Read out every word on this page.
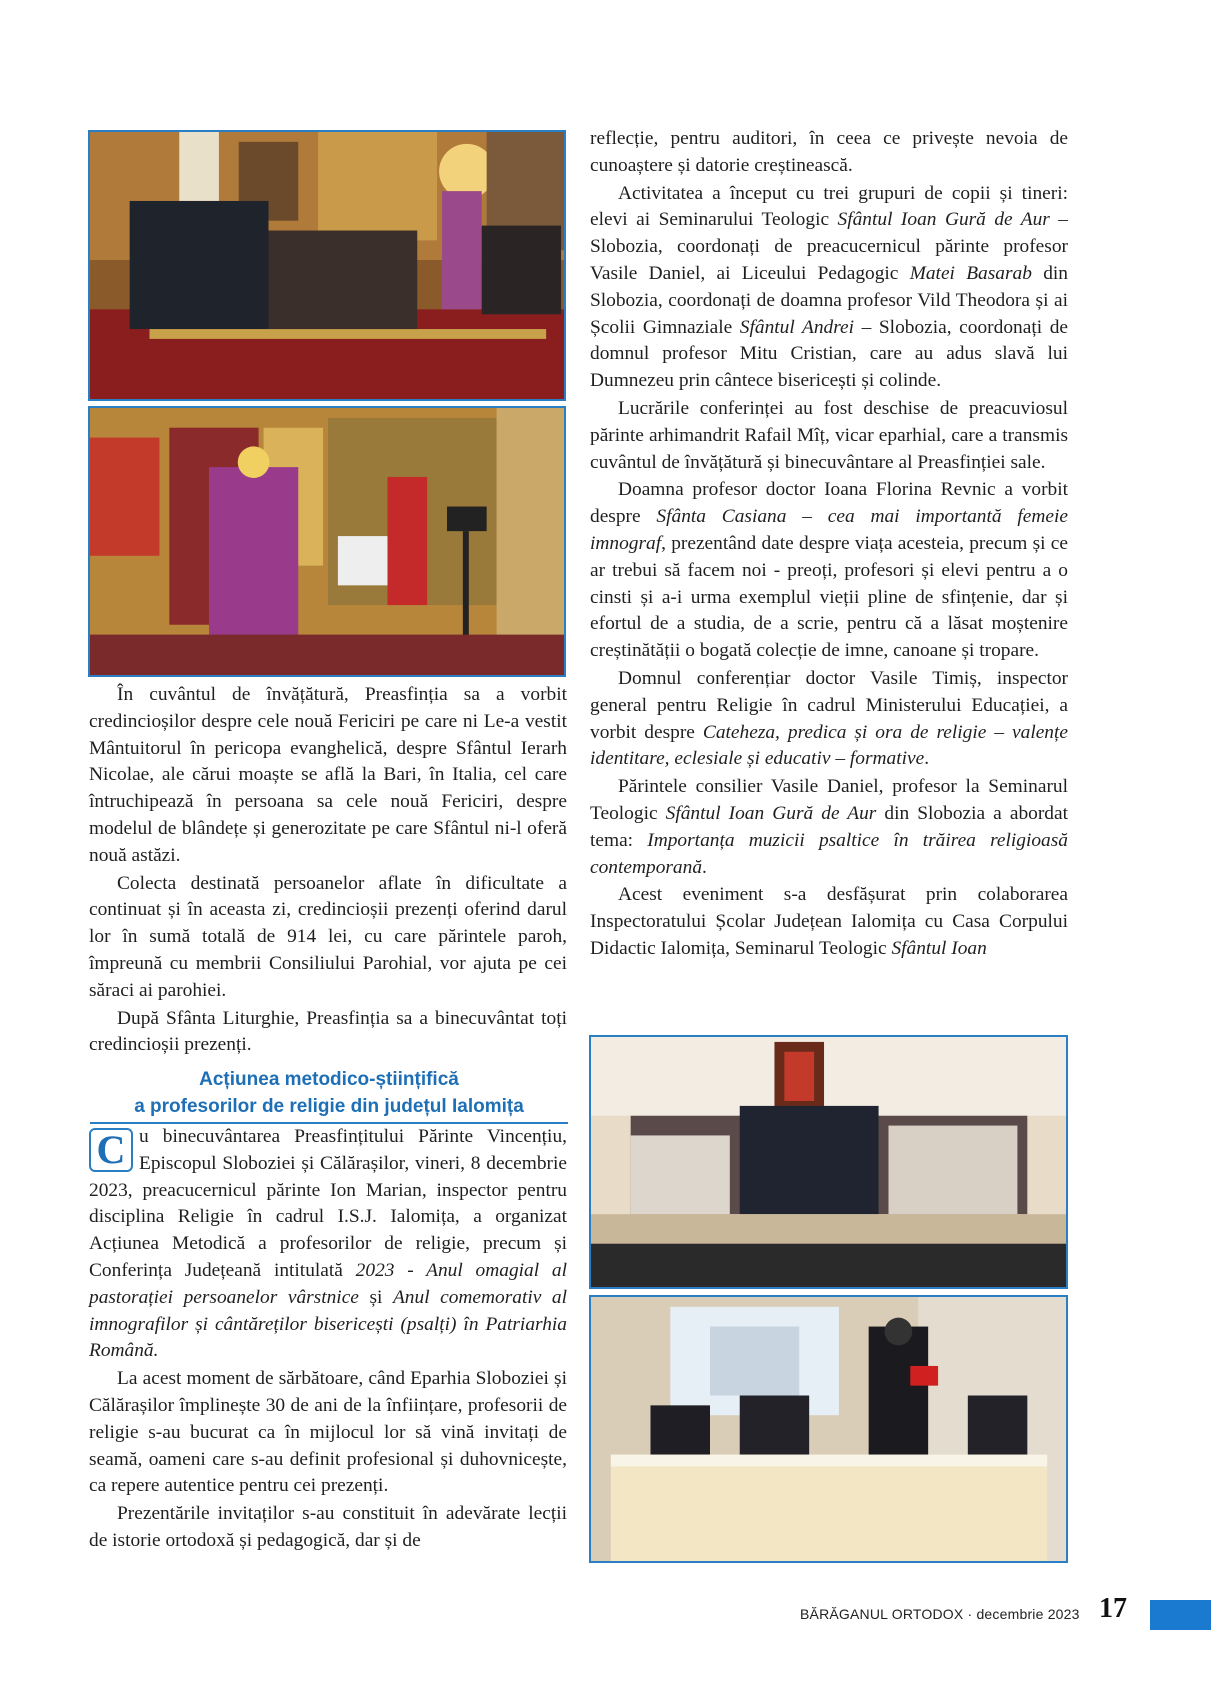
În cuvântul de învățătură, Preasfinția sa a vorbit credincioșilor despre cele nouă Fericiri pe care ni Le-a vestit Mântuitorul în pericopa evanghelică, despre Sfântul Ierarh Nicolae, ale cărui moaște se află la Bari, în Italia, cel care întruchipează în persoana sa cele nouă Fericiri, despre modelul de blândețe și generozitate pe care Sfântul ni-l oferă nouă astăzi.

Colecta destinată persoanelor aflate în dificultate a continuat și în aceasta zi, credincioșii prezenți oferind darul lor în sumă totală de 914 lei, cu care părintele paroh, împreună cu membrii Consiliului Parohial, vor ajuta pe cei săraci ai parohiei.

După Sfânta Liturghie, Preasfinția sa a binecuvântat toți credincioșii prezenți.

Acțiunea metodico-științifică
a profesorilor de religie din județul Ialomița

C u binecuvântarea Preasfințitului Părinte Vincențiu, Episcopul Sloboziei și Călărașilor, vineri, 8 decembrie 2023, preacucernicul părinte Ion Marian, inspector pentru disciplina Religie în cadrul I.S.J. Ialomița, a organizat Acțiunea Metodică a profesorilor de religie, precum și Conferința Județeană intitulată 2023 - Anul omagial al pastorației persoanelor vârstnice și Anul comemorativ al imnografilor și cântăreților bisericești (psalți) în Patriarhia Română.

La acest moment de sărbătoare, când Eparhia Sloboziei și Călărașilor împlinește 30 de ani de la înființare, profesorii de religie s-au bucurat ca în mijlocul lor să vină invitați de seamă, oameni care s-au definit profesional și duhovnicește, ca repere autentice pentru cei prezenți.

Prezentările invitaților s-au constituit în adevărate lecții de istorie ortodoxă și pedagogică, dar și de

reflecție, pentru auditori, în ceea ce privește nevoia de cunoaștere și datorie creștinească.

Activitatea a început cu trei grupuri de copii și tineri: elevi ai Seminarului Teologic Sfântul Ioan Gură de Aur – Slobozia, coordonați de preacucernicul părinte profesor Vasile Daniel, ai Liceului Pedagogic Matei Basarab din Slobozia, coordonați de doamna profesor Vild Theodora și ai Școlii Gimnaziale Sfântul Andrei – Slobozia, coordonați de domnul profesor Mitu Cristian, care au adus slavă lui Dumnezeu prin cântece bisericești și colinde.

Lucrările conferinței au fost deschise de preacuviosul părinte arhimandrit Rafail Mîț, vicar eparhial, care a transmis cuvântul de învățătură și binecuvântare al Preasfinției sale.

Doamna profesor doctor Ioana Florina Revnic a vorbit despre Sfânta Casiana – cea mai importantă femeie imnograf, prezentând date despre viața acesteia, precum și ce ar trebui să facem noi - preoți, profesori și elevi pentru a o cinsti și a-i urma exemplul vieții pline de sfințenie, dar și efortul de a studia, de a scrie, pentru că a lăsat moștenire creștinătății o bogată colecție de imne, canoane și tropare.

Domnul conferențiar doctor Vasile Timiș, inspector general pentru Religie în cadrul Ministerului Educației, a vorbit despre Cateheza, predica și ora de religie – valențe identitare, eclesiale și educativ – formative.

Părintele consilier Vasile Daniel, profesor la Seminarul Teologic Sfântul Ioan Gură de Aur din Slobozia a abordat tema: Importanța muzicii psaltice în trăirea religioasă contemporană.

Acest eveniment s-a desfășurat prin colaborarea Inspectoratului Școlar Județean Ialomița cu Casa Corpului Didactic Ialomița, Seminarul Teologic Sfântul Ioan

BĂRĂGANUL ORTODOX · decembrie 2023 17
